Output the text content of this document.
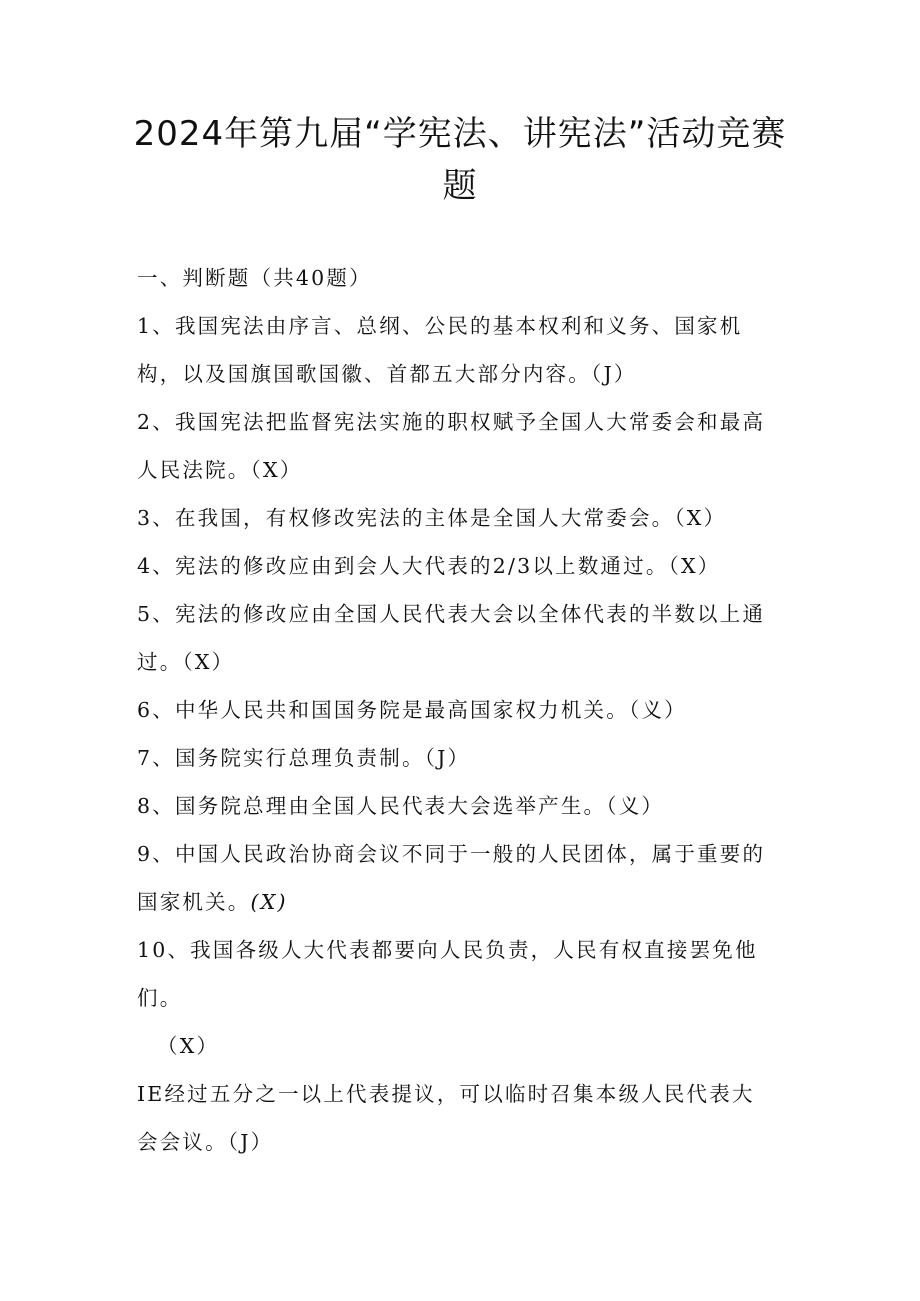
2024年第九届“学宪法、讲宪法”活动竞赛
题
一、判断题（共40题）
1、我国宪法由序言、总纲、公民的基本权利和义务、国家机
构，以及国旗国歌国徽、首都五大部分内容。（J）
2、我国宪法把监督宪法实施的职权赋予全国人大常委会和最高
人民法院。（X）
3、在我国，有权修改宪法的主体是全国人大常委会。（X）
4、宪法的修改应由到会人大代表的2/3以上数通过。（X）
5、宪法的修改应由全国人民代表大会以全体代表的半数以上通
过。（X）
6、中华人民共和国国务院是最高国家权力机关。（义）
7、国务院实行总理负责制。（J）
8、国务院总理由全国人民代表大会选举产生。（义）
9、中国人民政治协商会议不同于一般的人民团体，属于重要的
国家机关。(X)
10、我国各级人大代表都要向人民负责，人民有权直接罢免他
们。
（X）
IE经过五分之一以上代表提议，可以临时召集本级人民代表大
会会议。（J）
